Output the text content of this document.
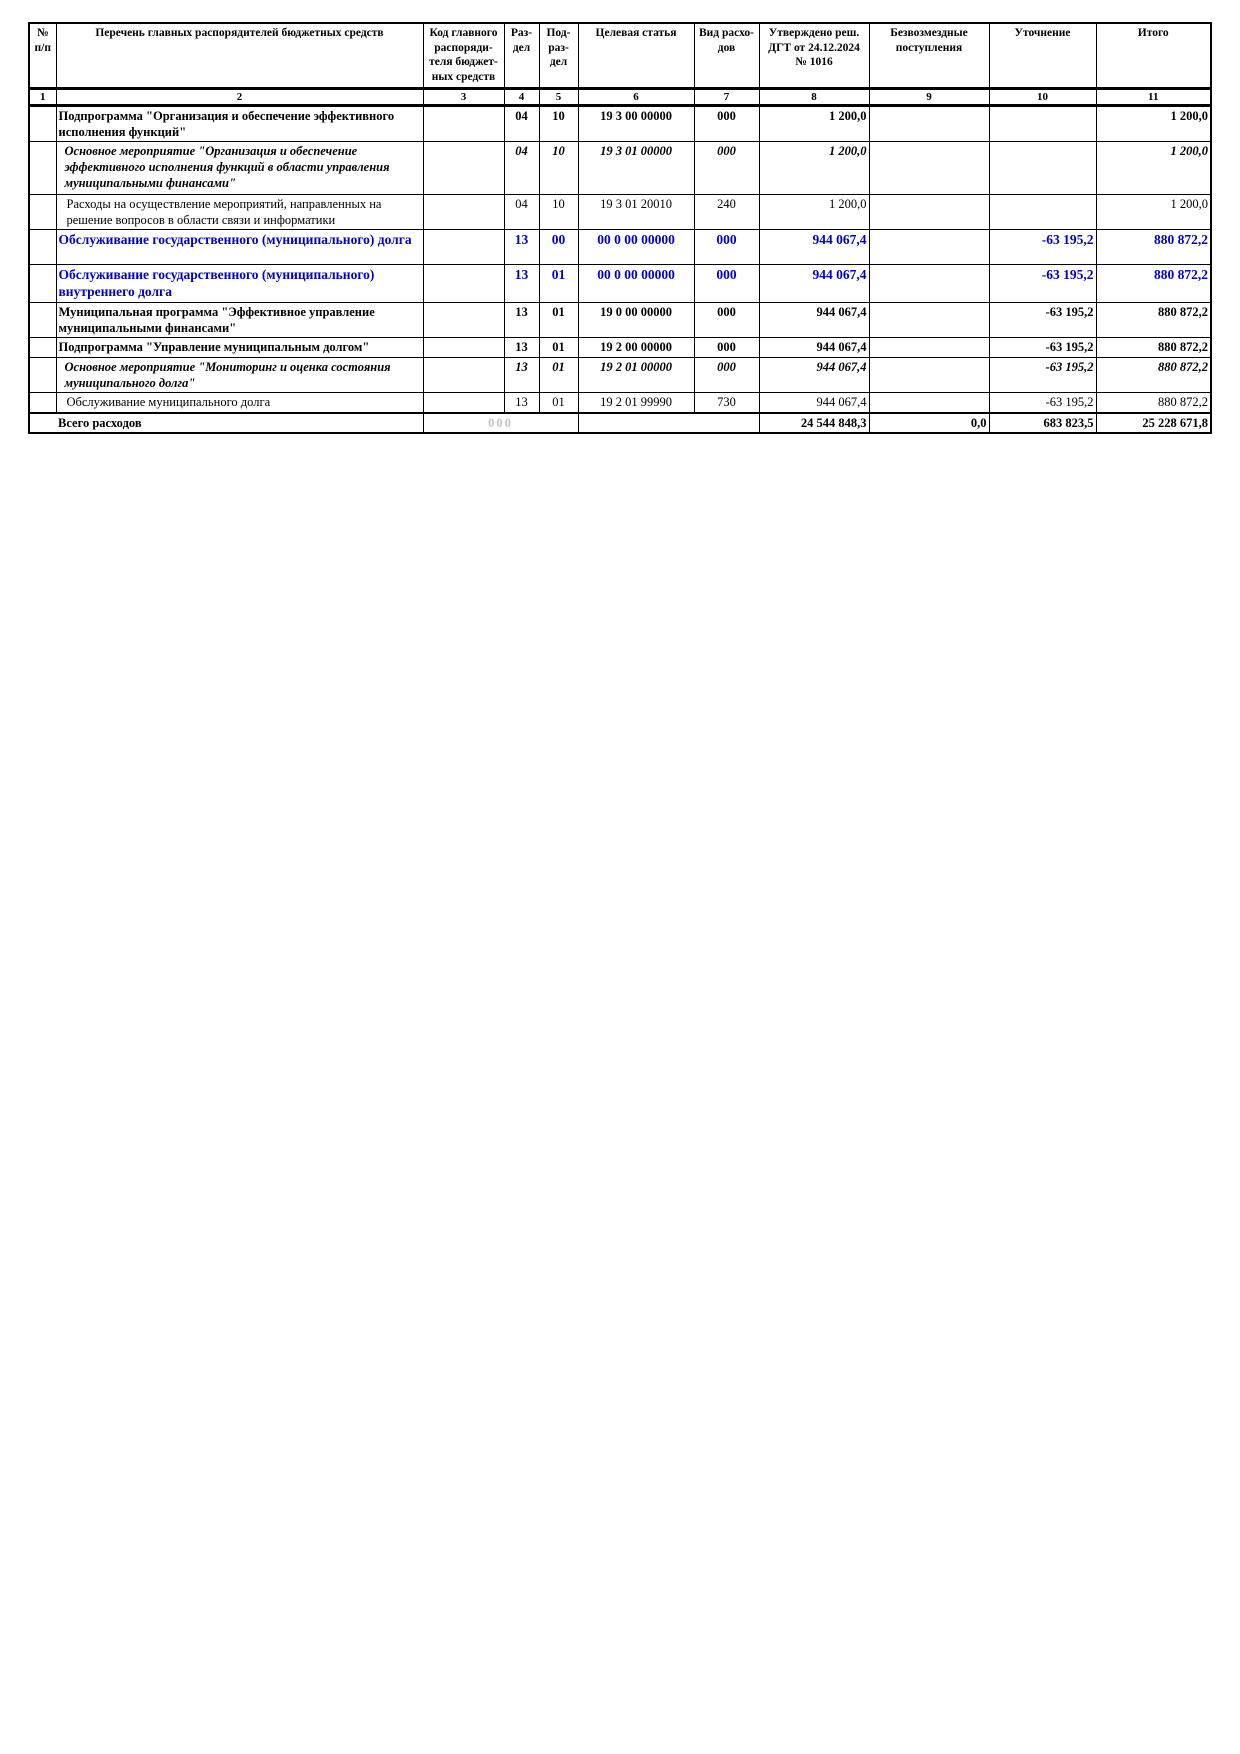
№ п/п	Перечень главных распорядителей бюджетных средств	Код главного распоряди-теля бюджет-ных средств	Раз-дел	Под-раз-дел	Целевая статья	Вид расхо-дов	Утверждено реш. ДГТ от 24.12.2024 № 1016	Безвозмездные поступления	Уточнение	Итого
1	2	3	4	5	6	7	8	9	10	11
	Подпрограмма "Организация и обеспечение эффективного исполнения функций"		04	10	19 3 00 00000	000	1 200,0			1 200,0
	Основное мероприятие "Организация и обеспечение эффективного исполнения функций в области управления муниципальными финансами"		04	10	19 3 01 00000	000	1 200,0			1 200,0
	Расходы на осуществление мероприятий, направленных на решение вопросов в области связи и информатики		04	10	19 3 01 20010	240	1 200,0			1 200,0
	Обслуживание государственного (муниципального) долга		13	00	00 0 00 00000	000	944 067,4		-63 195,2	880 872,2
	Обслуживание государственного (муниципального) внутреннего долга		13	01	00 0 00 00000	000	944 067,4		-63 195,2	880 872,2
	Муниципальная программа "Эффективное управление муниципальными финансами"		13	01	19 0 00 00000	000	944 067,4		-63 195,2	880 872,2
	Подпрограмма "Управление муниципальным долгом"		13	01	19 2 00 00000	000	944 067,4		-63 195,2	880 872,2
	Основное мероприятие "Мониторинг и оценка состояния муниципального долга"		13	01	19 2 01 00000	000	944 067,4		-63 195,2	880 872,2
	Обслуживание муниципального долга		13	01	19 2 01 99990	730	944 067,4		-63 195,2	880 872,2
Всего расходов		000					24 544 848,3	0,0	683 823,5	25 228 671,8
